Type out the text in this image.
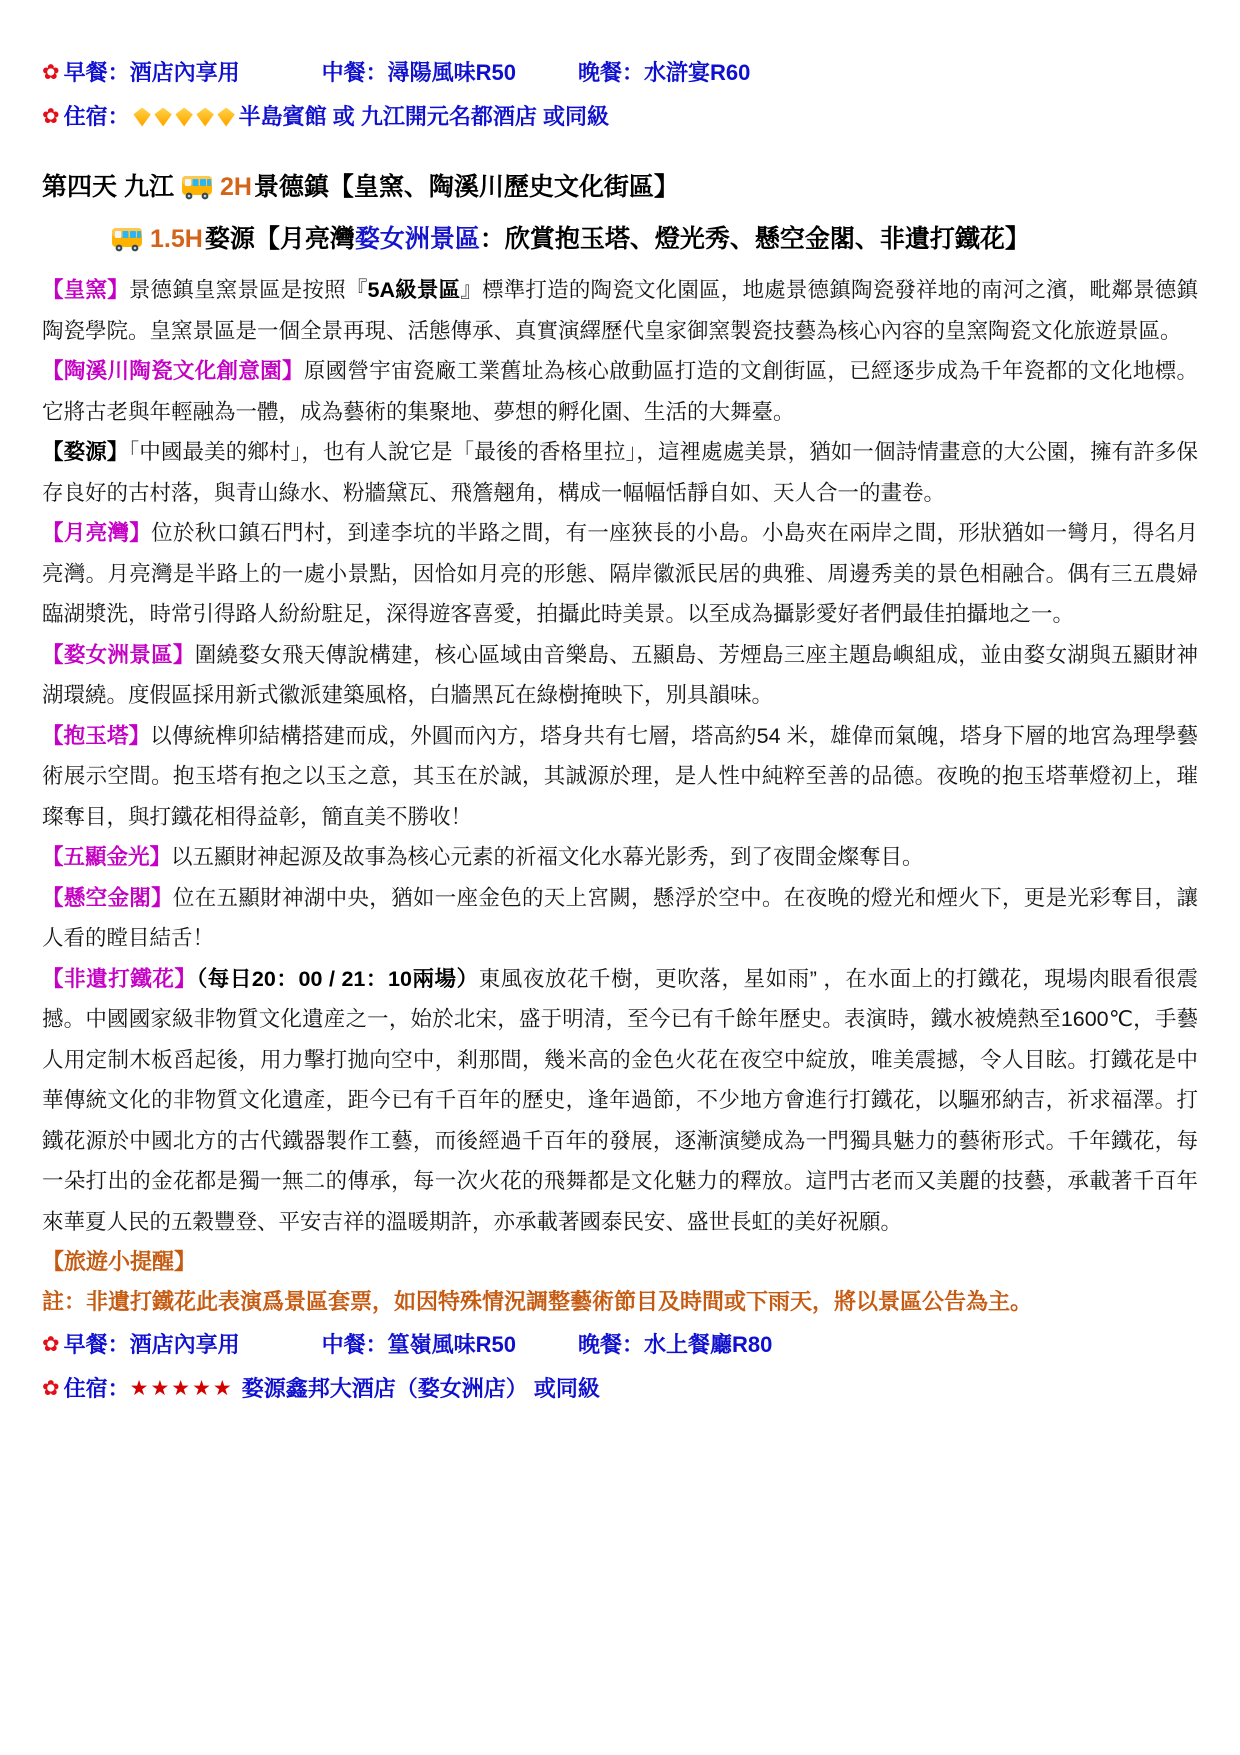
✿ 早餐：酒店內享用	中餐：潯陽風味R50	晚餐：水滸宴R60
✿ 住宿：	半島賓館 或 九江開元名都酒店 或同級
第四天 九江 2H 景德鎮【皇窯、陶溪川歷史文化街區】
1.5H 婺源【月亮灣 婺女洲景區 ：欣賞抱玉塔、燈光秀、懸空金閣、非遺打鐵花】

【皇窯】景德鎮皇窯景區是按照『5A級景區』標準打造的陶瓷文化園區，地處景德鎮陶瓷發祥地的南河之濱，毗鄰景德鎮陶瓷學院。皇窯景區是一個全景再現、活態傳承、真實演繹歷代皇家御窯製瓷技藝為核心內容的皇窯陶瓷文化旅遊景區。

【陶溪川陶瓷文化創意園】原國營宇宙瓷廠工業舊址為核心啟動區打造的文創街區，已經逐步成為千年瓷都的文化地標。它將古老與年輕融為一體，成為藝術的集聚地、夢想的孵化園、生活的大舞臺。

【婺源】「中國最美的鄉村」，也有人說它是「最後的香格里拉」，這裡處處美景，猶如一個詩情畫意的大公園，擁有許多保存良好的古村落，與青山綠水、粉牆黛瓦、飛簷翹角，構成一幅幅恬靜自如、天人合一的畫卷。

【月亮灣】位於秋口鎮石門村，到達李坑的半路之間，有一座狹長的小島。小島夾在兩岸之間，形狀猶如一彎月，得名月亮灣。月亮灣是半路上的一處小景點，因恰如月亮的形態、隔岸徽派民居的典雅、周邊秀美的景色相融合。偶有三五農婦臨湖漿洗，時常引得路人紛紛駐足，深得遊客喜愛，拍攝此時美景。以至成為攝影愛好者們最佳拍攝地之一。

【婺女洲景區】圍繞婺女飛天傳說構建，核心區域由音樂島、五顯島、芳煙島三座主題島嶼組成，並由婺女湖與五顯財神湖環繞。度假區採用新式徽派建築風格，白牆黑瓦在綠樹掩映下，別具韻味。

【抱玉塔】以傳統榫卯結構搭建而成，外圓而內方，塔身共有七層，塔高約54 米，雄偉而氣魄，塔身下層的地宮為理學藝術展示空間。抱玉塔有抱之以玉之意，其玉在於誠，其誠源於理，是人性中純粹至善的品德。夜晚的抱玉塔華燈初上，璀璨奪目，與打鐵花相得益彰，簡直美不勝收！

【五顯金光】以五顯財神起源及故事為核心元素的祈福文化水幕光影秀，到了夜間金燦奪目。

【懸空金閣】位在五顯財神湖中央，猶如一座金色的天上宮闕，懸浮於空中。在夜晚的燈光和煙火下，更是光彩奪目，讓人看的瞠目結舌！

【非遺打鐵花】（每日20：00 / 21：10兩場）東風夜放花千樹，更吹落，星如雨” ，在水面上的打鐵花，現場肉眼看很震撼。中國國家級非物質文化遺産之一，始於北宋，盛于明清，至今已有千餘年歷史。表演時，鐵水被燒熱至1600℃，手藝人用定制木板舀起後，用力擊打拋向空中，剎那間，幾米高的金色火花在夜空中綻放，唯美震撼，令人目眩。打鐵花是中華傳統文化的非物質文化遺產，距今已有千百年的歷史，逢年過節，不少地方會進行打鐵花，以驅邪納吉，祈求福澤。打鐵花源於中國北方的古代鐵器製作工藝，而後經過千百年的發展，逐漸演變成為一門獨具魅力的藝術形式。千年鐵花，每一朵打出的金花都是獨一無二的傳承，每一次火花的飛舞都是文化魅力的釋放。這門古老而又美麗的技藝，承載著千百年來華夏人民的五穀豐登、平安吉祥的溫暖期許，亦承載著國泰民安、盛世長虹的美好祝願。

【旅遊小提醒】

註：非遺打鐵花此表演爲景區套票，如因特殊情況調整藝術節目及時間或下雨天，將以景區公告為主。

✿ 早餐：酒店內享用	中餐：篁嶺風味R50	晚餐：水上餐廳R80
✿ 住宿： ★★★★★ 婺源鑫邦大酒店（婺女洲店） 或同級
